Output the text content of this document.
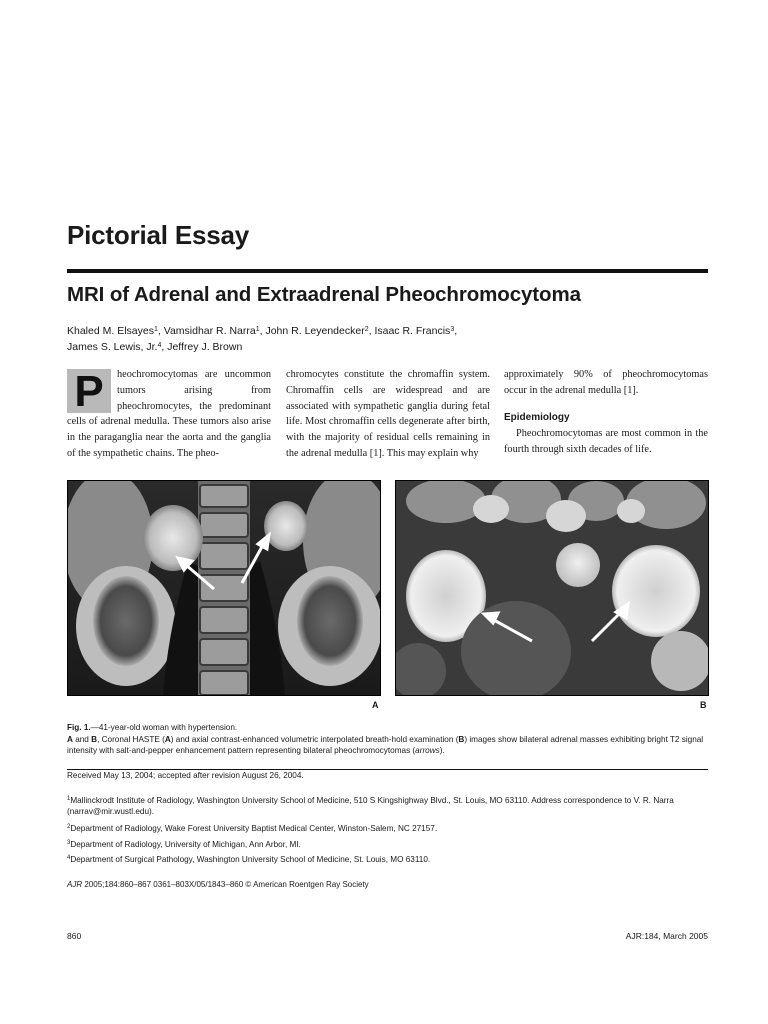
Pictorial Essay
MRI of Adrenal and Extraadrenal Pheochromocytoma
Khaled M. Elsayes$^1$, Vamsidhar R. Narra$^1$, John R. Leyendecker$^2$, Isaac R. Francis$^3$,
James S. Lewis, Jr.$^4$, Jeffrey J. Brown
P	heochromocytomas are uncommon tumors arising from pheochromocytes, the predominant cells of adrenal medulla. These tumors also arise in the paraganglia near the aorta and the ganglia of the sympathetic chains. The pheo-
chromocytes constitute the chromaffin system. Chromaffin cells are widespread and are associated with sympathetic ganglia during fetal life. Most chromaffin cells degenerate after birth, with the majority of residual cells remaining in the adrenal medulla [1]. This may explain why

approximately 90% of pheochromocytomas occur in the adrenal medulla [1].

Epidemiology

Pheochromocytomas are most common in the fourth through sixth decades of life.

A	B
Fig. 1.—41-year-old woman with hypertension.
A and B, Coronal HASTE (A) and axial contrast-enhanced volumetric interpolated breath-hold examination (B) images show bilateral adrenal masses exhibiting bright T2 signal intensity with salt-and-pepper enhancement pattern representing bilateral pheochromocytomas (arrows).
Received May 13, 2004; accepted after revision August 26, 2004.
$^1$Mallinckrodt Institute of Radiology, Washington University School of Medicine, 510 S Kingshighway Blvd., St. Louis, MO 63110. Address correspondence to V. R. Narra (narrav@mir.wustl.edu).
$^2$Department of Radiology, Wake Forest University Baptist Medical Center, Winston-Salem, NC 27157.
$^3$Department of Radiology, University of Michigan, Ann Arbor, MI.
$^4$Department of Surgical Pathology, Washington University School of Medicine, St. Louis, MO 63110.
AJR 2005;184:860–867 0361–803X/05/1843–860 © American Roentgen Ray Society
860	AJR:184, March 2005
